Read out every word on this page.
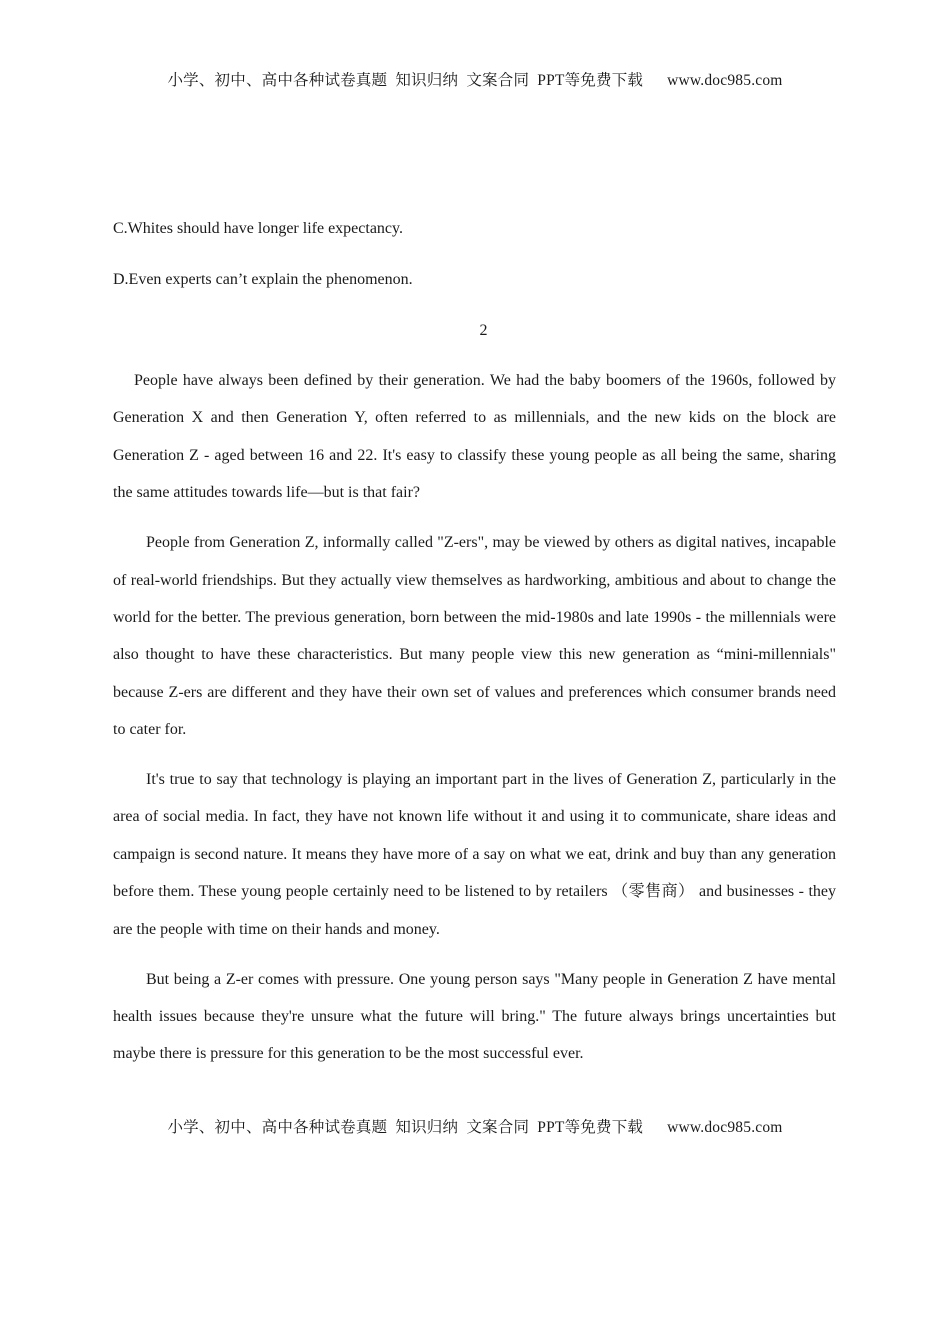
小学、初中、高中各种试卷真题  知识归纳  文案合同  PPT等免费下载 www.doc985.com
C.Whites should have longer life expectancy.
D.Even experts can’t explain the phenomenon.
2

People have always been defined by their generation. We had the baby boomers of the 1960s, followed by Generation X and then Generation Y, often referred to as millennials, and the new kids on the block are Generation Z - aged between 16 and 22. It's easy to classify these young people as all being the same, sharing the same attitudes towards life—but is that fair?

People from Generation Z, informally called "Z-ers", may be viewed by others as digital natives, incapable of real-world friendships. But they actually view themselves as hardworking, ambitious and about to change the world for the better. The previous generation, born between the mid-1980s and late 1990s - the millennials were also thought to have these characteristics. But many people view this new generation as “mini-millennials" because Z-ers are different and they have their own set of values and preferences which consumer brands need to cater for.

It's true to say that technology is playing an important part in the lives of Generation Z, particularly in the area of social media. In fact, they have not known life without it and using it to communicate, share ideas and campaign is second nature. It means they have more of a say on what we eat, drink and buy than any generation before them. These young people certainly need to be listened to by retailers （零售商） and businesses - they are the people with time on their hands and money.

But being a Z-er comes with pressure. One young person says "Many people in Generation Z have mental health issues because they're unsure what the future will bring." The future always brings uncertainties but maybe there is pressure for this generation to be the most successful ever.

小学、初中、高中各种试卷真题  知识归纳  文案合同  PPT等免费下载 www.doc985.com
